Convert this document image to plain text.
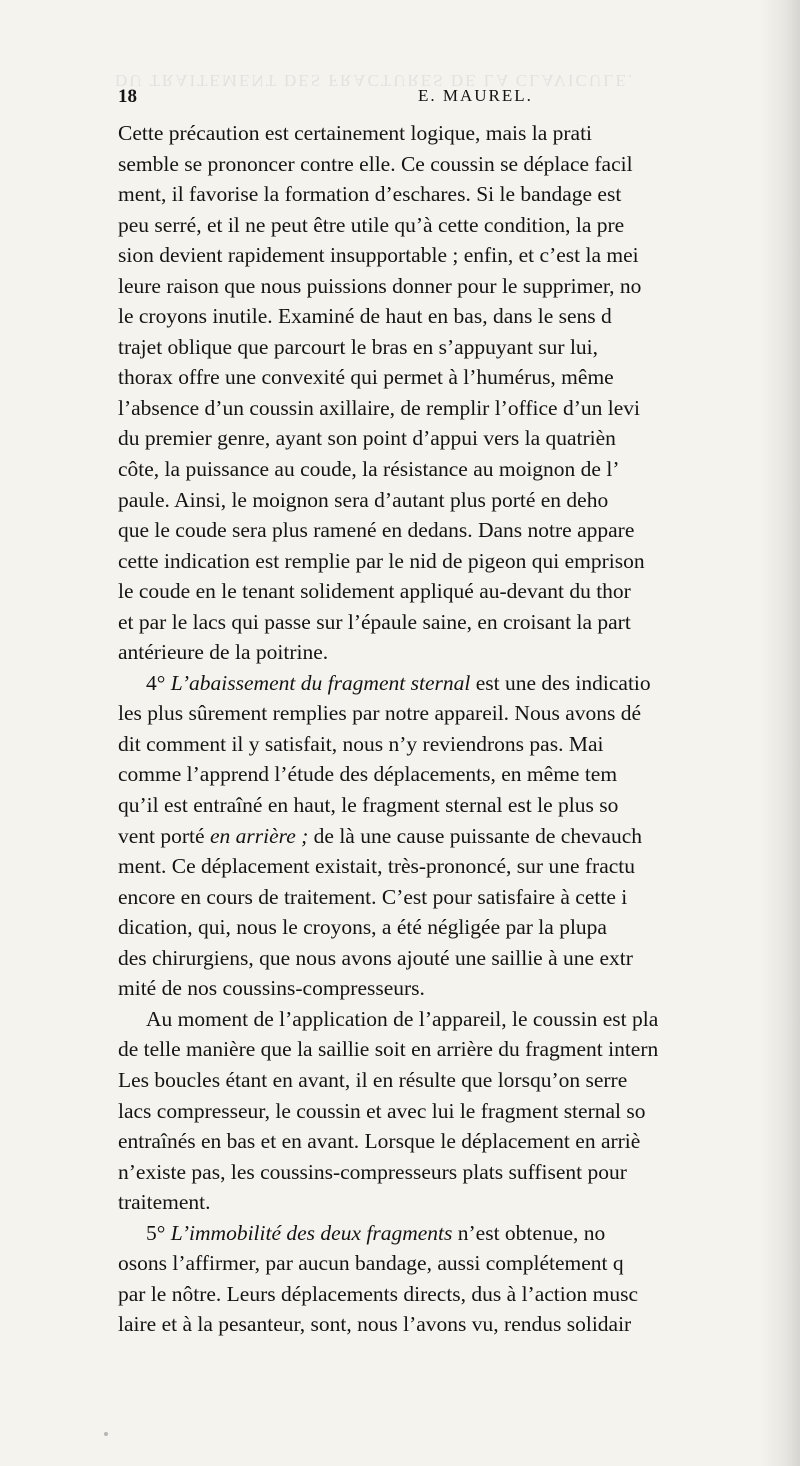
DU TRAITEMENT DES FRACTURES DE LA CLAVICULE.
18	E. MAUREL.
Cette précaution est certainement logique, mais la prati
semble se prononcer contre elle. Ce coussin se déplace facil
ment, il favorise la formation d’eschares. Si le bandage est
peu serré, et il ne peut être utile qu’à cette condition, la pre
sion devient rapidement insupportable ; enfin, et c’est la mei
leure raison que nous puissions donner pour le supprimer, no
le croyons inutile. Examiné de haut en bas, dans le sens d
trajet oblique que parcourt le bras en s’appuyant sur lui,
thorax offre une convexité qui permet à l’humérus, même
l’absence d’un coussin axillaire, de remplir l’office d’un levi
du premier genre, ayant son point d’appui vers la quatrièn
côte, la puissance au coude, la résistance au moignon de l’
paule. Ainsi, le moignon sera d’autant plus porté en deho
que le coude sera plus ramené en dedans. Dans notre appare
cette indication est remplie par le nid de pigeon qui emprison
le coude en le tenant solidement appliqué au-devant du thor
et par le lacs qui passe sur l’épaule saine, en croisant la part
antérieure de la poitrine.
4° L’abaissement du fragment sternal est une des indicatio
les plus sûrement remplies par notre appareil. Nous avons dé
dit comment il y satisfait, nous n’y reviendrons pas. Mai
comme l’apprend l’étude des déplacements, en même tem
qu’il est entraîné en haut, le fragment sternal est le plus so
vent porté en arrière ; de là une cause puissante de chevauch
ment. Ce déplacement existait, très-prononcé, sur une fractu
encore en cours de traitement. C’est pour satisfaire à cette i
dication, qui, nous le croyons, a été négligée par la plupa
des chirurgiens, que nous avons ajouté une saillie à une extr
mité de nos coussins-compresseurs.
Au moment de l’application de l’appareil, le coussin est pla
de telle manière que la saillie soit en arrière du fragment intern
Les boucles étant en avant, il en résulte que lorsqu’on serre
lacs compresseur, le coussin et avec lui le fragment sternal so
entraînés en bas et en avant. Lorsque le déplacement en arriè
n’existe pas, les coussins-compresseurs plats suffisent pour
traitement.
5° L’immobilité des deux fragments n’est obtenue, no
osons l’affirmer, par aucun bandage, aussi complétement q
par le nôtre. Leurs déplacements directs, dus à l’action musc
laire et à la pesanteur, sont, nous l’avons vu, rendus solidair
